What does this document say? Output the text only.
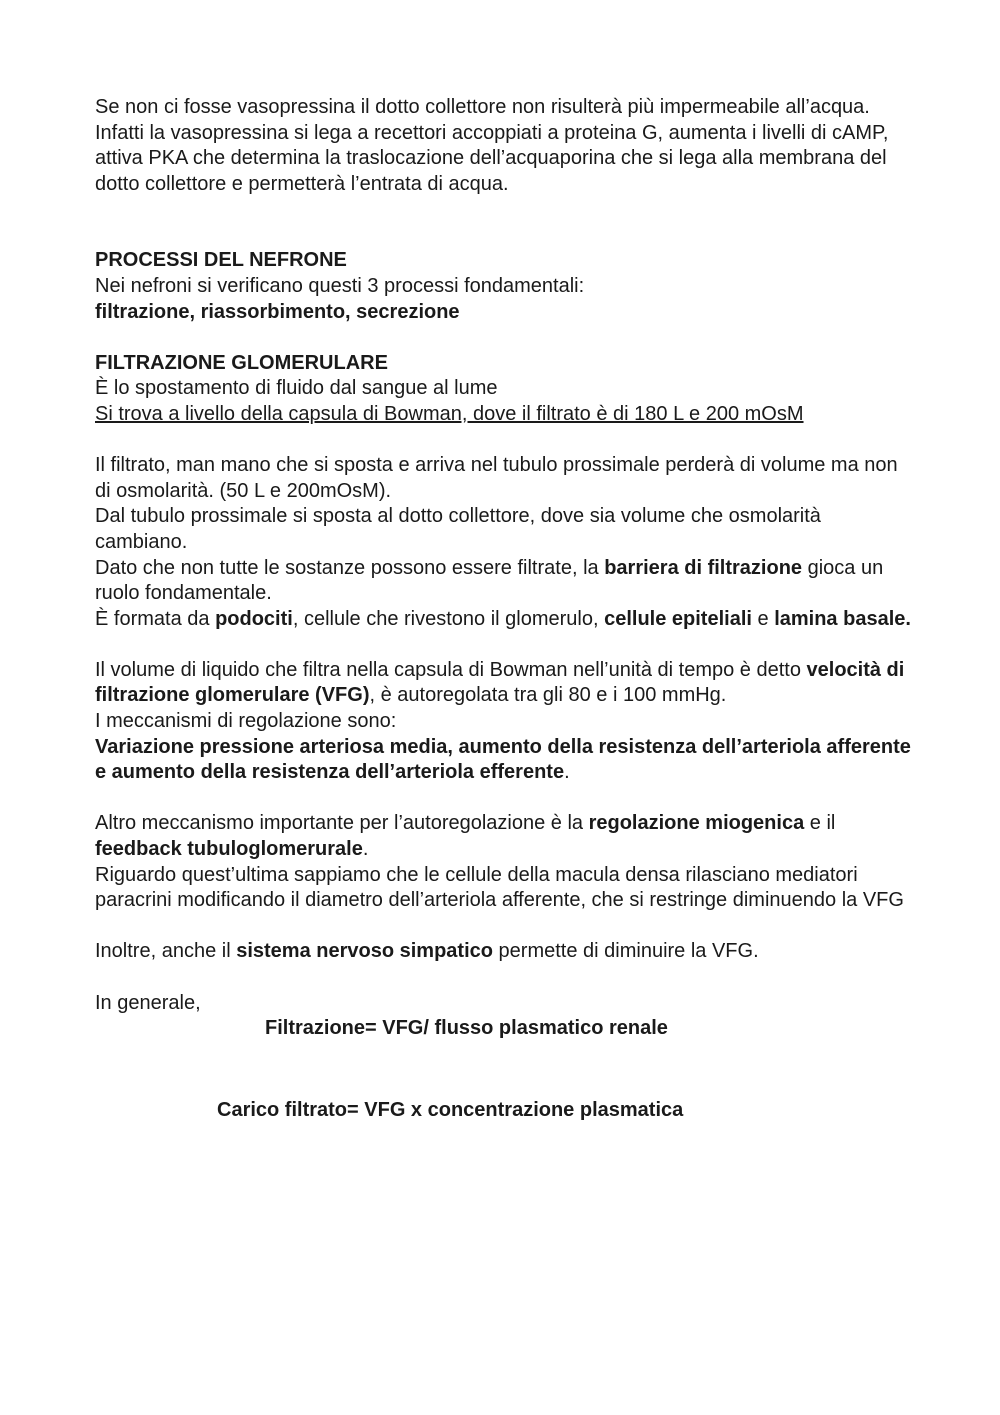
Se non ci fosse vasopressina il dotto collettore non risulterà più impermeabile all’acqua.

Infatti la vasopressina si lega a recettori accoppiati a proteina G, aumenta i livelli di cAMP, attiva PKA che determina la traslocazione dell’acquaporina che si lega alla membrana del dotto collettore e permetterà l’entrata di acqua.

PROCESSI DEL NEFRONE

Nei nefroni si verificano questi 3 processi fondamentali:

filtrazione, riassorbimento, secrezione

FILTRAZIONE GLOMERULARE

È lo spostamento di fluido dal sangue al lume

Si trova a livello della capsula di Bowman, dove il filtrato è di 180 L e 200 mOsM

Il filtrato, man mano che si sposta e arriva nel tubulo prossimale perderà di volume ma non di osmolarità. (50 L e 200mOsM).

Dal tubulo prossimale si sposta al dotto collettore, dove sia volume che osmolarità cambiano.

Dato che non tutte le sostanze possono essere filtrate, la barriera di filtrazione gioca un ruolo fondamentale.

È formata da podociti, cellule che rivestono il glomerulo, cellule epiteliali e lamina basale.

Il volume di liquido che filtra nella capsula di Bowman nell’unità di tempo è detto velocità di filtrazione glomerulare (VFG), è autoregolata tra gli 80 e i 100 mmHg.

I meccanismi di regolazione sono:

Variazione pressione arteriosa media, aumento della resistenza dell’arteriola afferente e aumento della resistenza dell’arteriola efferente.

Altro meccanismo importante per l’autoregolazione è la regolazione miogenica e il feedback tubuloglomerurale.

Riguardo quest’ultima sappiamo che le cellule della macula densa rilasciano mediatori paracrini modificando il diametro dell’arteriola afferente, che si restringe diminuendo la VFG

Inoltre, anche il sistema nervoso simpatico permette di diminuire la VFG.

In generale,

Filtrazione= VFG/ flusso plasmatico renale

Carico filtrato= VFG x concentrazione plasmatica
